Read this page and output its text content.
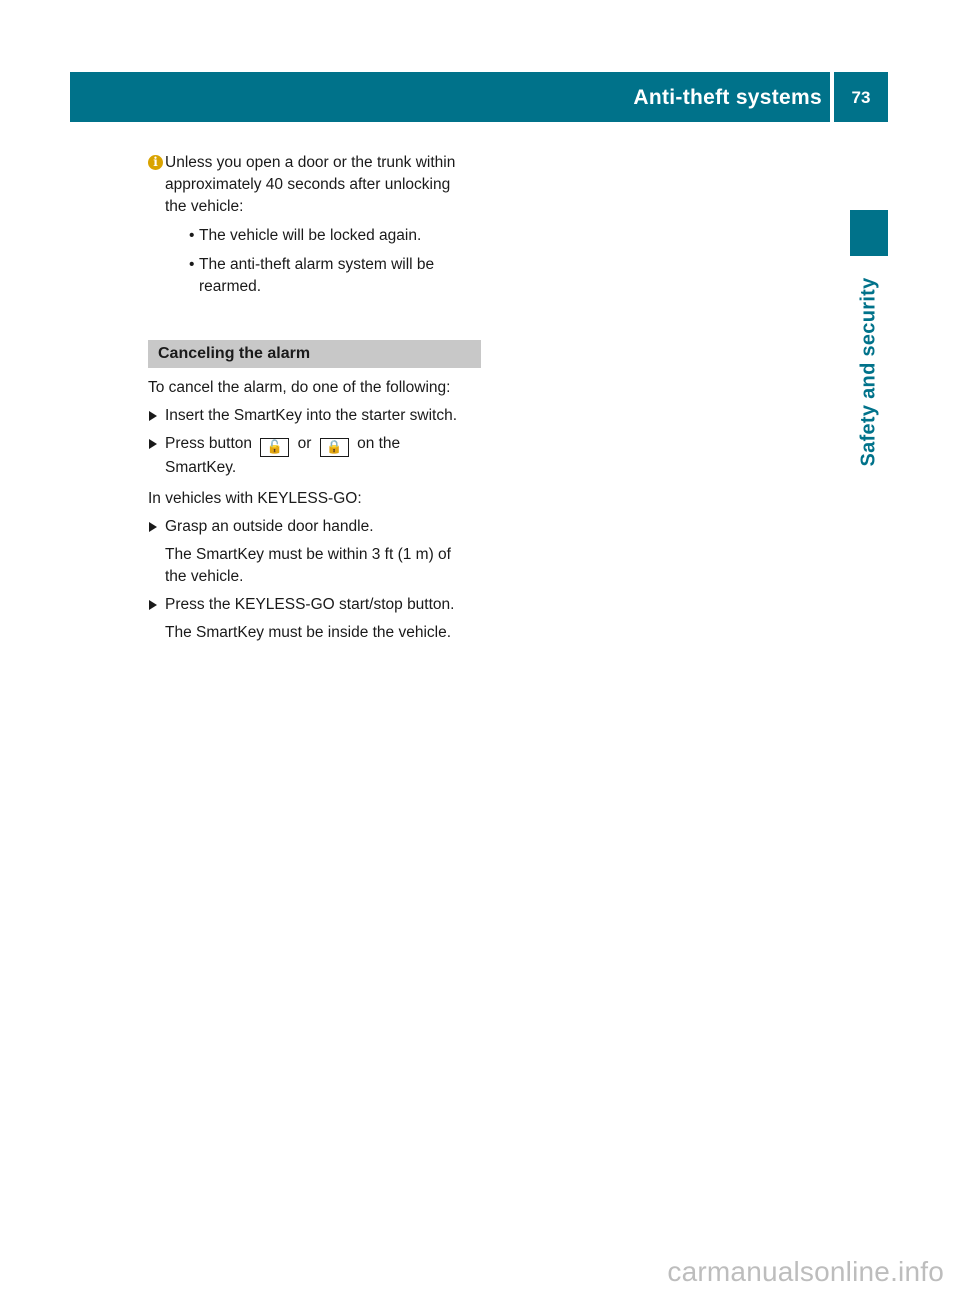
Anti-theft systems	73
Safety and security
i Unless you open a door or the trunk within
approximately 40 seconds after unlocking
the vehicle:
• The vehicle will be locked again.
• The anti-theft alarm system will be
rearmed.
Canceling the alarm
To cancel the alarm, do one of the following:
Insert the SmartKey into the starter switch.
Press button 🔓 or 🔒 on the
SmartKey.
In vehicles with KEYLESS-GO:
Grasp an outside door handle.
The SmartKey must be within 3 ft (1 m) of
the vehicle.
Press the KEYLESS-GO start/stop button.
The SmartKey must be inside the vehicle.
carmanualsonline.info
